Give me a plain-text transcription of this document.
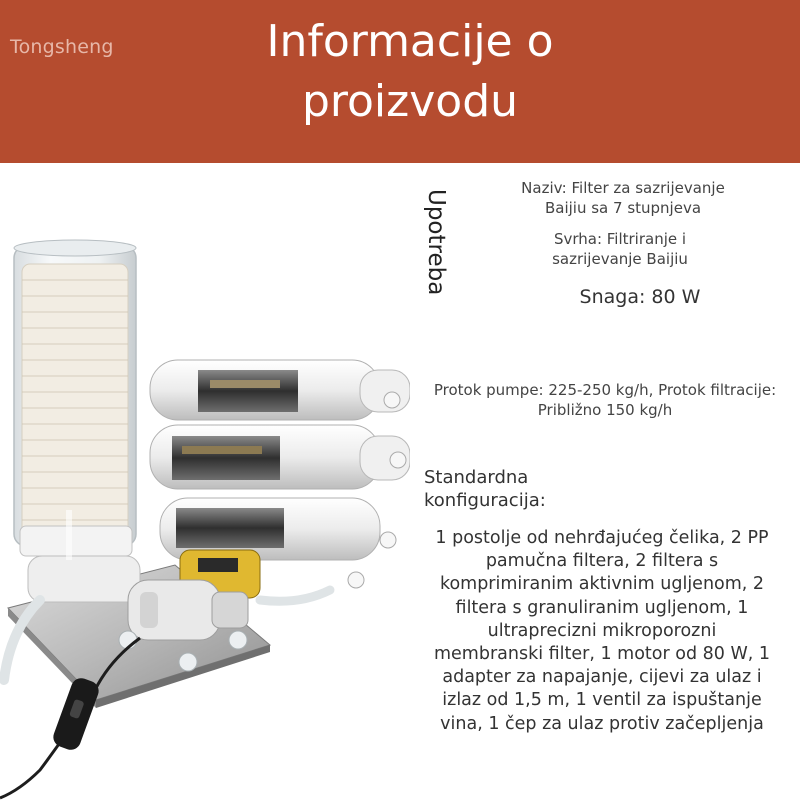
Tongsheng	Informacije o
proizvodu
Upotreba
Naziv: Filter za sazrijevanje
Baijiu sa 7 stupnjeva
Svrha: Filtriranje i
sazrijevanje Baijiu
Snaga: 80 W
Protok pumpe: 225-250 kg/h, Protok filtracije:
Približno 150 kg/h
Standardna
konfiguracija:
1 postolje od nehrđajućeg čelika, 2 PP
pamučna filtera, 2 filtera s
komprimiranim aktivnim ugljenom, 2
filtera s granuliranim ugljenom, 1
ultraprecizni mikroporozni
membranski filter, 1 motor od 80 W, 1
adapter za napajanje, cijevi za ulaz i
izlaz od 1,5 m, 1 ventil za ispuštanje
vina, 1 čep za ulaz protiv začepljenja
